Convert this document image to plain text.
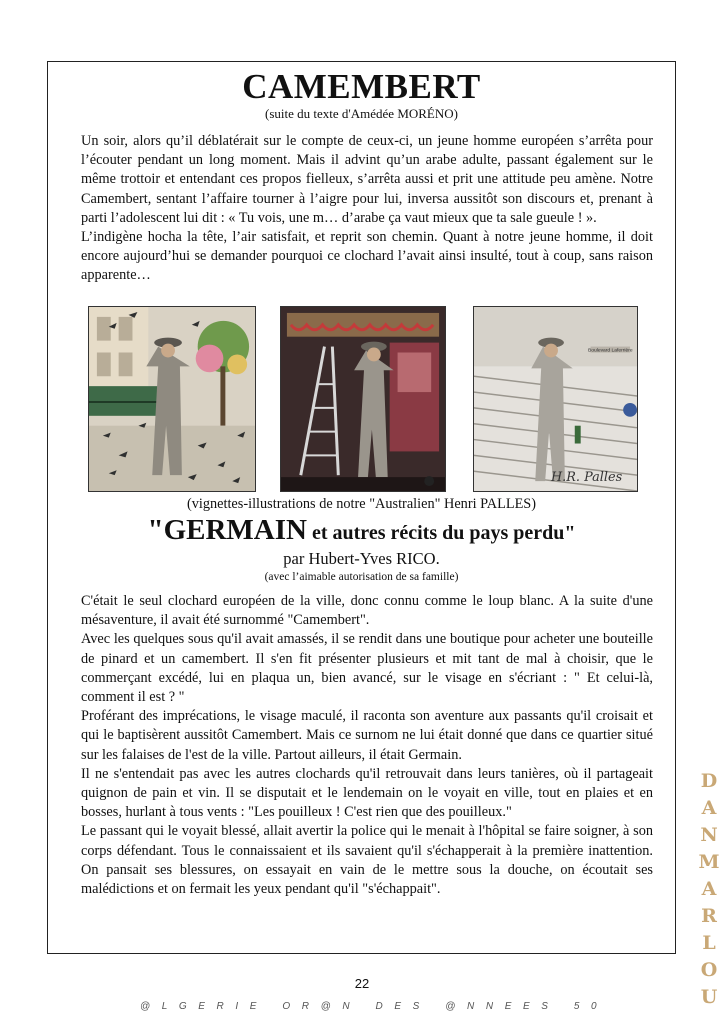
CAMEMBERT
(suite du texte d'Amédée MORÉNO)

Un soir, alors qu’il déblatérait sur le compte de ceux-ci, un jeune homme européen s’arrêta pour l’écouter pendant un long moment. Mais il advint qu’un arabe adulte, passant également sur le même trottoir et entendant ces propos fielleux, s’arrêta aussi et prit une attitude peu amène. Notre Camembert, sentant l’affaire tourner à l’aigre pour lui, inversa aussitôt son discours et, prenant à parti l’adolescent lui dit : « Tu vois, une m… d’arabe ça vaut mieux que ta sale gueule ! ».

L’indigène hocha la tête, l’air satisfait, et reprit son chemin. Quant à notre jeune homme, il doit encore aujourd’hui se demander pourquoi ce clochard l’avait ainsi insulté, tout à coup, sans raison apparente…

Boulevard Laferrière
H.R. Palles
(vignettes-illustrations de notre "Australien" Henri PALLES)
"GERMAIN et autres récits du pays perdu"
par Hubert-Yves RICO.
(avec l’aimable autorisation de sa famille)

C'était le seul clochard européen de la ville, donc connu comme le loup blanc. A la suite d'une mésaventure, il avait été surnommé "Camembert".

Avec les quelques sous qu'il avait amassés, il se rendit dans une boutique pour acheter une bouteille de pinard et un camembert. Il s'en fit présenter plusieurs et mit tant de mal à choisir, que le commerçant excédé, lui en plaqua un, bien avancé, sur le visage en s'écriant : " Et celui-là, comment il est ? "

Proférant des imprécations, le visage maculé, il raconta son aventure aux passants qu'il croisait et qui le baptisèrent aussitôt Camembert. Mais ce surnom ne lui était donné que dans ce quartier situé sur les falaises de l'est de la ville. Partout ailleurs, il était Germain.

Il ne s'entendait pas avec les autres clochards qu'il retrouvait dans leurs tanières, où il partageait quignon de pain et vin. Il se disputait et le lendemain on le voyait en ville, tout en plaies et en bosses, hurlant à tous vents : "Les pouilleux ! C'est rien que des pouilleux."

Le passant qui le voyait blessé, allait avertir la police qui le menait à l'hôpital se faire soigner, à son corps défendant. Tous le connaissaient et ils savaient qu'il s'échapperait à la première inattention. On pansait ses blessures, on essayait en vain de le mettre sous la douche, on écoutait ses malédictions et on fermait les yeux pendant qu'il "s'échappait".

DANMARLOU
22
@LGERIE OR@N DES @NNEES 50
